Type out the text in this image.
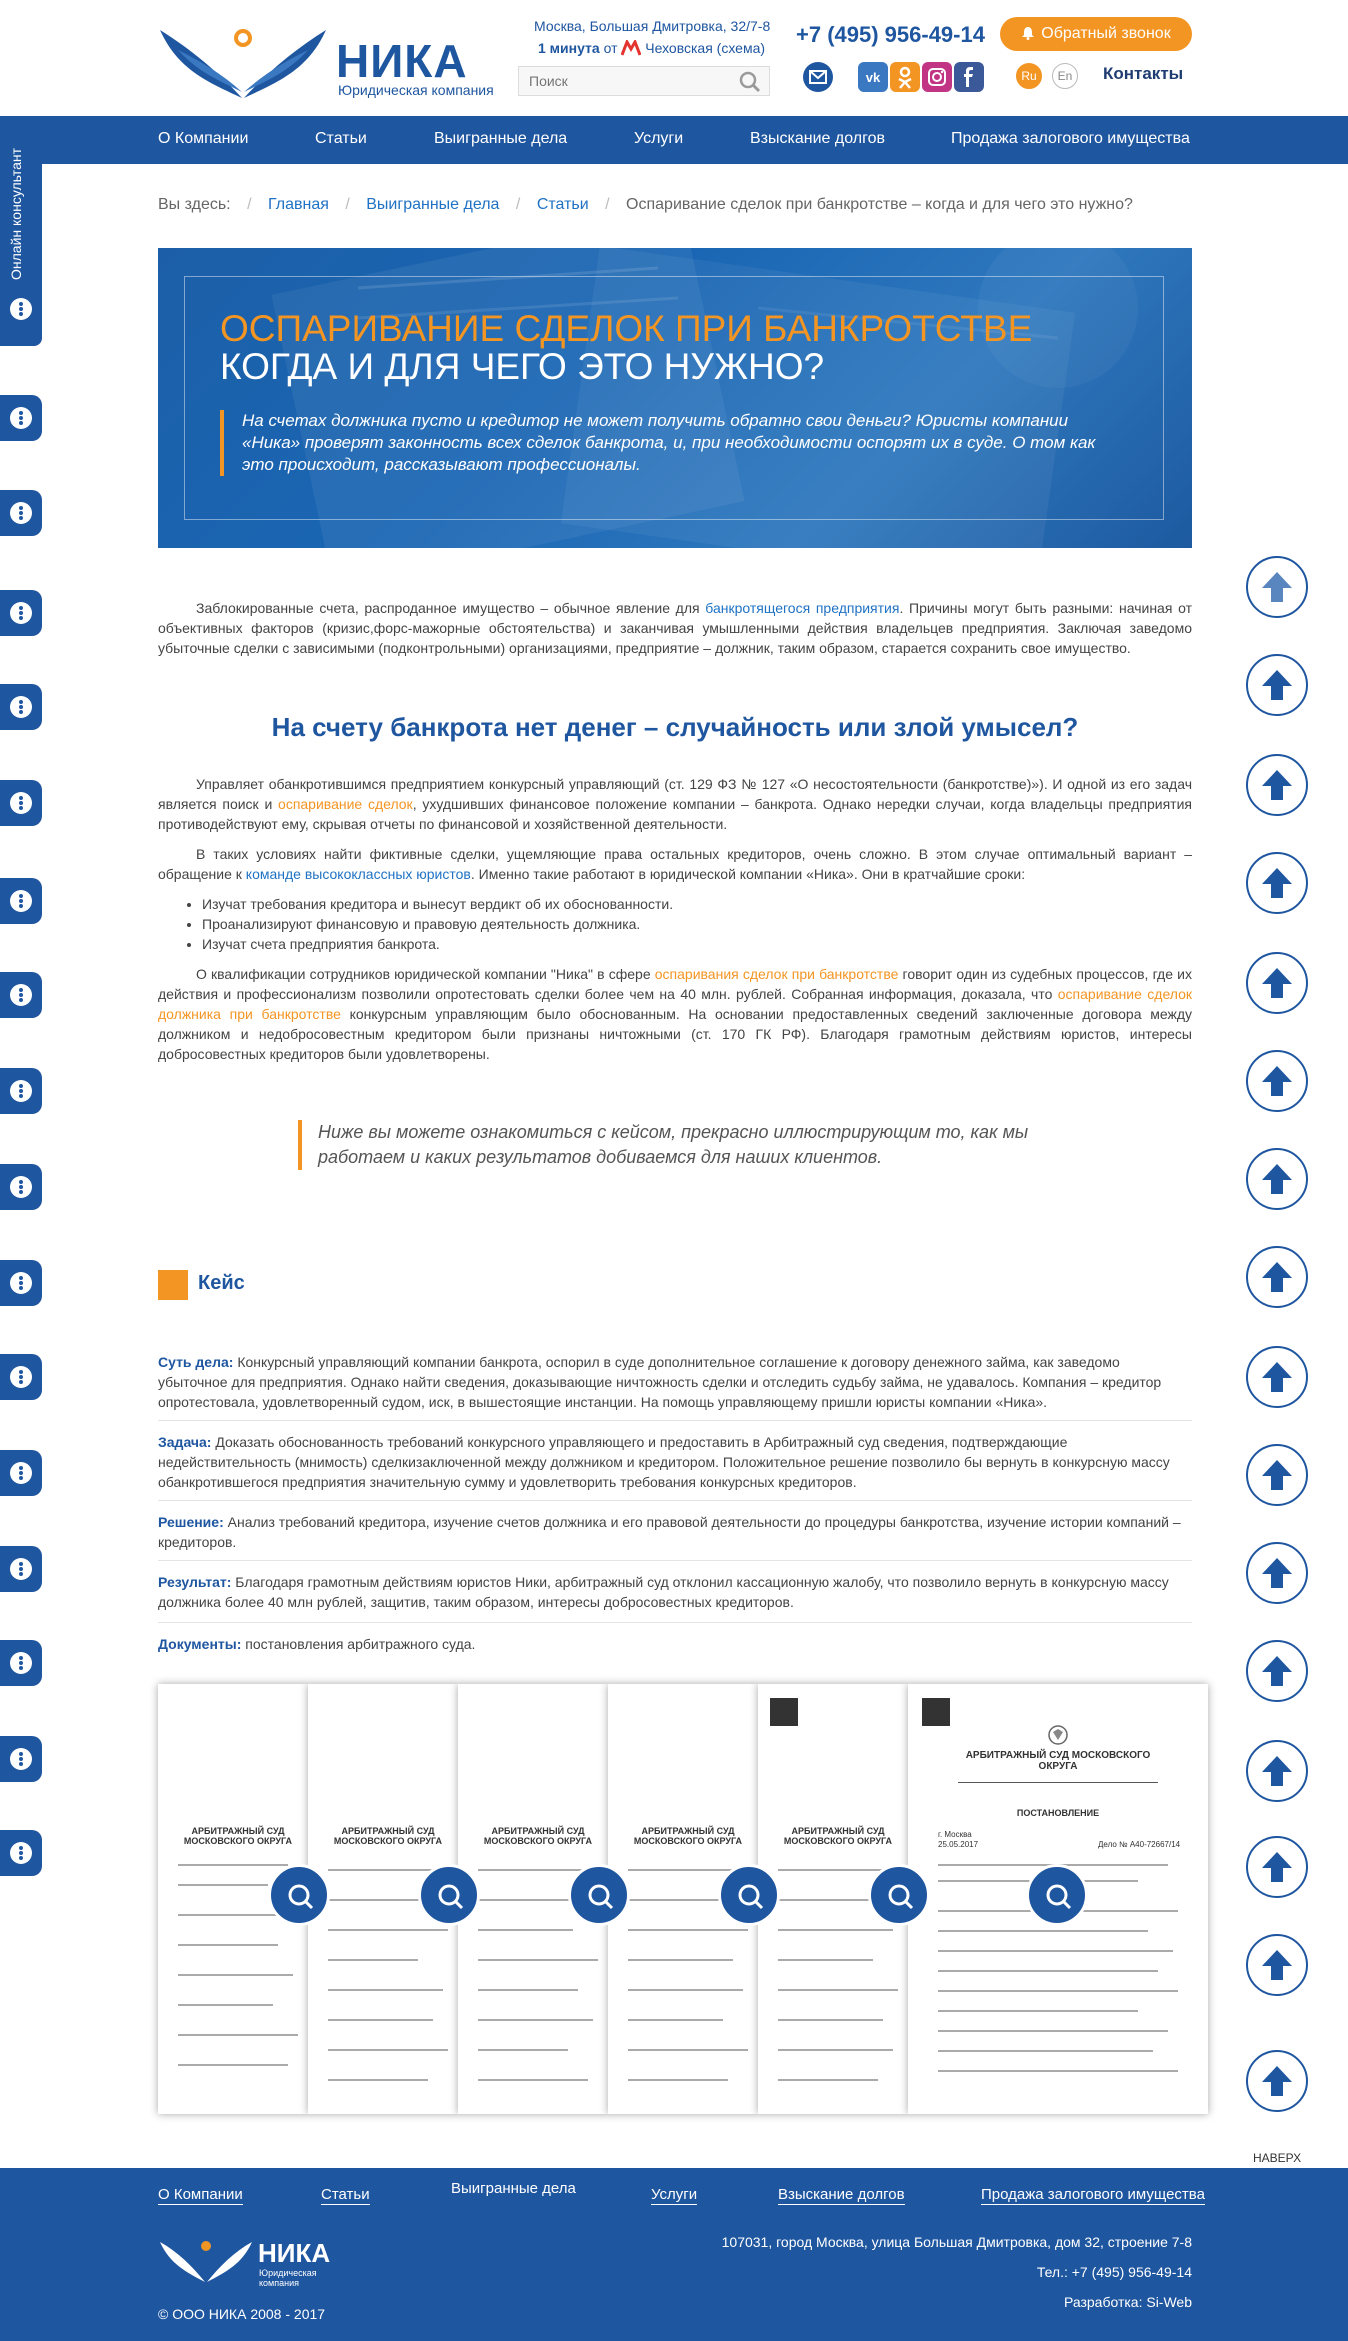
НИКА
Юридическая компания
Москва, Большая Дмитровка, 32/7-8
1 минута от Чеховская (схема)
Поиск
+7 (495) 956-49-14	Обратный звонок
vk	Ru	En	Контакты
О Компании	Статьи	Выигранные дела	Услуги	Взыскание долгов	Продажа залогового имущества
Онлайн консультант	Вы здесь: / Главная / Выигранные дела / Статьи / Оспаривание сделок при банкротстве – когда и для чего это нужно?
ОСПАРИВАНИЕ СДЕЛОК ПРИ БАНКРОТСТВЕ
КОГДА И ДЛЯ ЧЕГО ЭТО НУЖНО?
На счетах должника пусто и кредитор не может получить обратно свои деньги? Юристы компании «Ника» проверят законность всех сделок банкрота, и, при необходимости оспорят их в суде. О том как это происходит, рассказывают профессионалы.
Заблокированные счета, распроданное имущество – обычное явление для банкротящегося предприятия. Причины могут быть разными: начиная от объективных факторов (кризис,форс-мажорные обстоятельства) и заканчивая умышленными действия владельцев предприятия. Заключая заведомо убыточные сделки с зависимыми (подконтрольными) организациями, предприятие – должник, таким образом, старается сохранить свое имущество.
На счету банкрота нет денег – случайность или злой умысел?
Управляет обанкротившимся предприятием конкурсный управляющий (ст. 129 ФЗ № 127 «О несостоятельности (банкротстве)»). И одной из его задач является поиск и оспаривание сделок, ухудшивших финансовое положение компании – банкрота. Однако нередки случаи, когда владельцы предприятия противодействуют ему, скрывая отчеты по финансовой и хозяйственной деятельности.
В таких условиях найти фиктивные сделки, ущемляющие права остальных кредиторов, очень сложно. В этом случае оптимальный вариант – обращение к команде высококлассных юристов. Именно такие работают в юридической компании «Ника». Они в кратчайшие сроки:
• Изучат требования кредитора и вынесут вердикт об их обоснованности.
• Проанализируют финансовую и правовую деятельность должника.
• Изучат счета предприятия банкрота.
О квалификации сотрудников юридической компании "Ника" в сфере оспаривания сделок при банкротстве говорит один из судебных процессов, где их действия и профессионализм позволили опротестовать сделки более чем на 40 млн. рублей. Собранная информация, доказала, что оспаривание сделок должника при банкротстве конкурсным управляющим было обоснованным. На основании предоставленных сведений заключенные договора между должником и недобросовестным кредитором были признаны ничтожными (ст. 170 ГК РФ). Благодаря грамотным действиям юристов, интересы добросовестных кредиторов были удовлетворены.
Ниже вы можете ознакомиться с кейсом, прекрасно иллюстрирующим то, как мы работаем и каких результатов добиваемся для наших клиентов.
Кейс
Суть дела: Конкурсный управляющий компании банкрота, оспорил в суде дополнительное соглашение к договору денежного займа, как заведомо убыточное для предприятия. Однако найти сведения, доказывающие ничтожность сделки и отследить судьбу займа, не удавалось. Компания – кредитор опротестовала, удовлетворенный судом, иск, в вышестоящие инстанции. На помощь управляющему пришли юристы компании «Ника».
Задача: Доказать обоснованность требований конкурсного управляющего и предоставить в Арбитражный суд сведения, подтверждающие недействительность (мнимость) сделкизаключенной между должником и кредитором. Положительное решение позволило бы вернуть в конкурсную массу обанкротившегося предприятия значительную сумму и удовлетворить требования конкурсных кредиторов.
Решение: Анализ требований кредитора, изучение счетов должника и его правовой деятельности до процедуры банкротства, изучение истории компаний – кредиторов.
Результат: Благодаря грамотным действиям юристов Ники, арбитражный суд отклонил кассационную жалобу, что позволило вернуть в конкурсную массу должника более 40 млн рублей, защитив, таким образом, интересы добросовестных кредиторов.
Документы: постановления арбитражного суда.
АРБИТРАЖНЫЙ СУД МОСКОВСКОГО ОКРУГА
АРБИТРАЖНЫЙ СУД МОСКОВСКОГО ОКРУГА
АРБИТРАЖНЫЙ СУД МОСКОВСКОГО ОКРУГА
АРБИТРАЖНЫЙ СУД МОСКОВСКОГО ОКРУГА
АРБИТРАЖНЫЙ СУД МОСКОВСКОГО ОКРУГА
АРБИТРАЖНЫЙ СУД МОСКОВСКОГО ОКРУГА
ПОСТАНОВЛЕНИЕ
г. Москва
25.05.2017	Дело № А40-72667/14
НАВЕРХ
О Компании	Статьи	Выигранные дела	Услуги	Взыскание долгов	Продажа залогового имущества
НИКА
Юридическая компания
107031, город Москва, улица Большая Дмитровка, дом 32, строение 7-8
Тел.: +7 (495) 956-49-14
Разработка: Si-Web
© ООО НИКА 2008 - 2017
